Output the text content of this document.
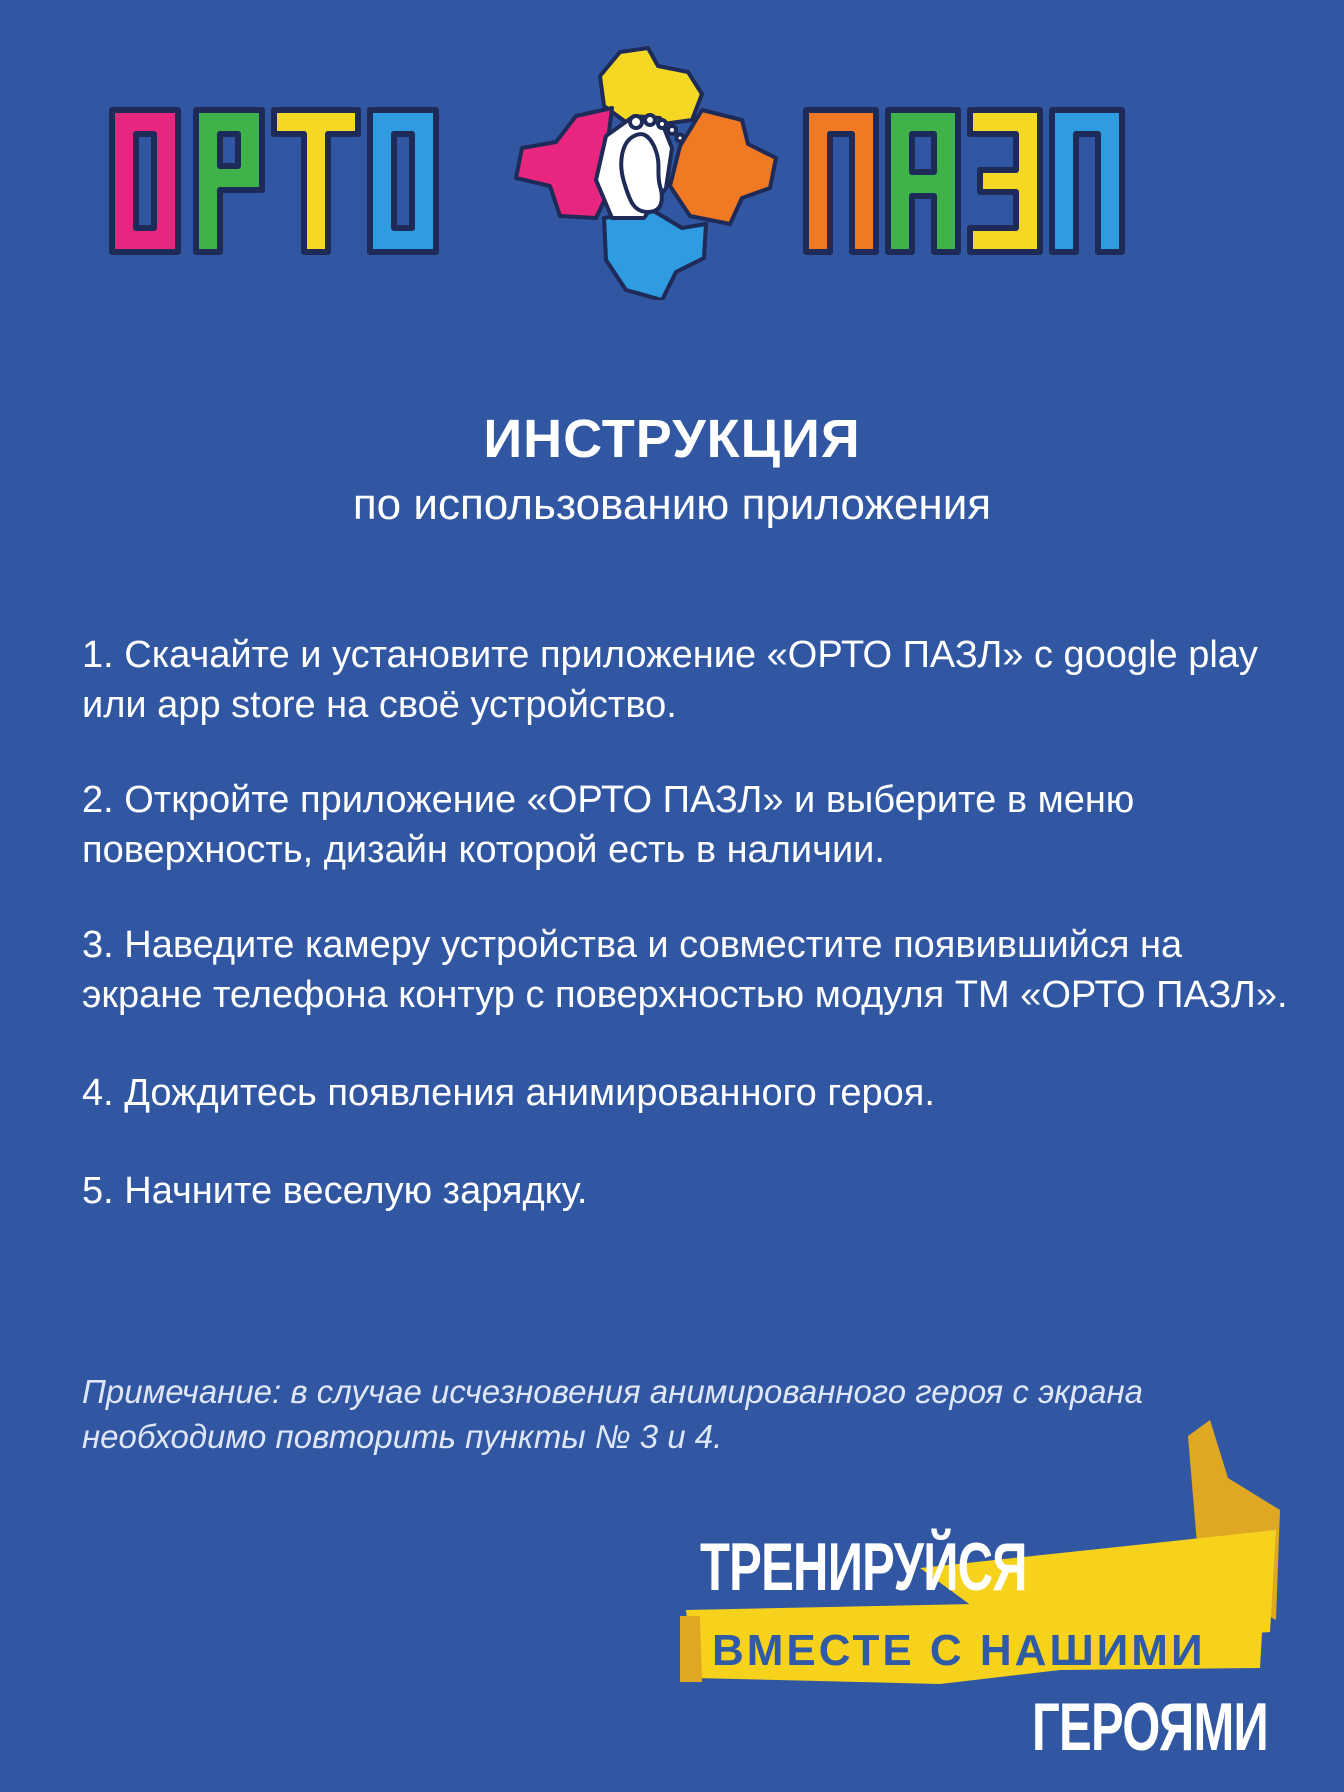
ИНСТРУКЦИЯ

по использованию приложения

1. Скачайте и установите приложение «ОРТО ПАЗЛ» с google play или app store на своё устройство.

2. Откройте приложение «ОРТО ПАЗЛ» и выберите в меню поверхность, дизайн которой есть в наличии.

3. Наведите камеру устройства и совместите появившийся на экране телефона контур с поверхностью модуля ТМ «ОРТО ПАЗЛ».

4. Дождитесь появления анимированного героя.

5. Начните веселую зарядку.

Примечание: в случае исчезновения анимированного героя с экрана необходимо повторить пункты № 3 и 4.

ТРЕНИРУЙСЯ
ВМЕСТЕ С НАШИМИ
ГЕРОЯМИ
